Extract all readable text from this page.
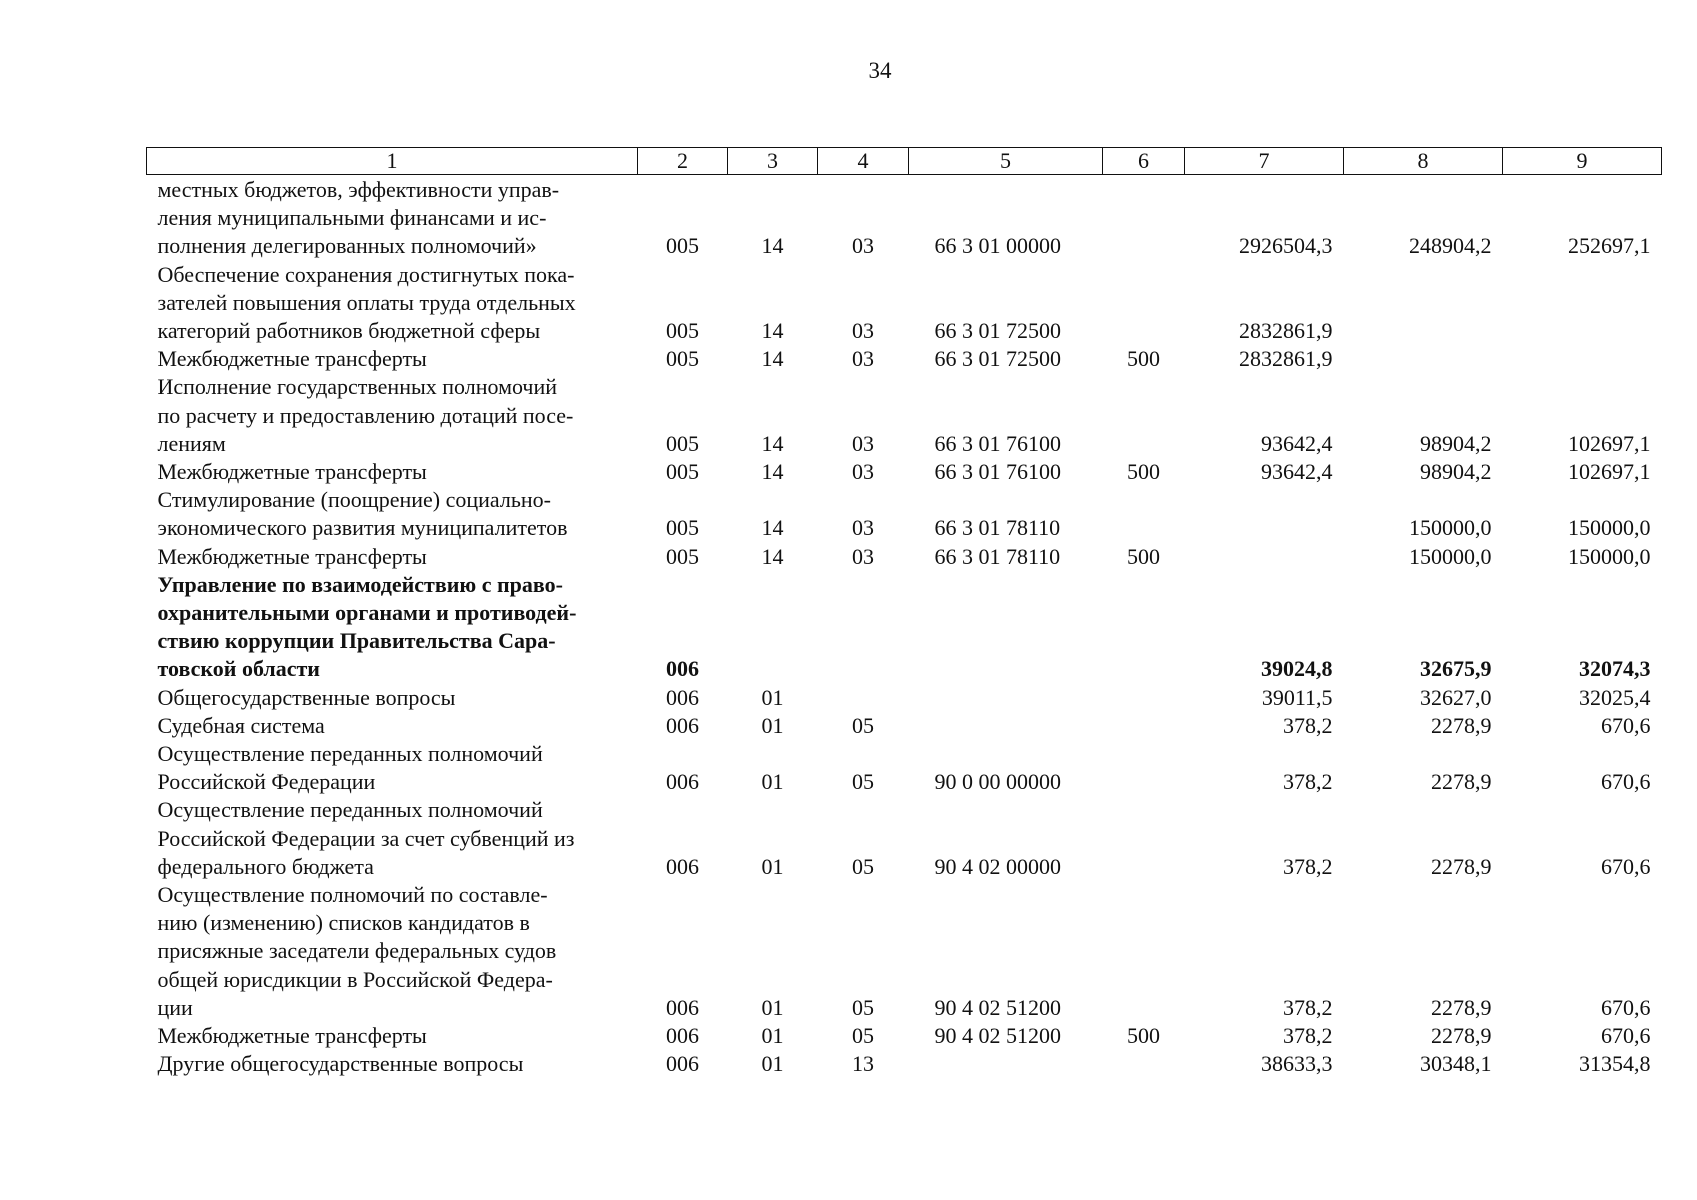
34
1	2	3	4	5	6	7	8	9

местных бюджетов, эффективности управ-
ления муниципальными финансами и ис-
полнения делегированных полномочий»	005	14	03	66 3 01 00000		2926504,3	248904,2	252697,1

Обеспечение сохранения достигнутых пока-
зателей повышения оплаты труда отдельных
категорий работников бюджетной сферы	005	14	03	66 3 01 72500		2832861,9		

Межбюджетные трансферты	005	14	03	66 3 01 72500	500	2832861,9		

Исполнение государственных полномочий
по расчету и предоставлению дотаций посе-
лениям	005	14	03	66 3 01 76100		93642,4	98904,2	102697,1

Межбюджетные трансферты	005	14	03	66 3 01 76100	500	93642,4	98904,2	102697,1

Стимулирование (поощрение) социально-
экономического развития муниципалитетов	005	14	03	66 3 01 78110			150000,0	150000,0

Межбюджетные трансферты	005	14	03	66 3 01 78110	500		150000,0	150000,0

Управление по взаимодействию с право-
охранительными органами и противодей-
ствию коррупции Правительства Сара-
товской области	006					39024,8	32675,9	32074,3

Общегосударственные вопросы	006	01				39011,5	32627,0	32025,4

Судебная система	006	01	05			378,2	2278,9	670,6

Осуществление переданных полномочий
Российской Федерации	006	01	05	90 0 00 00000		378,2	2278,9	670,6

Осуществление переданных полномочий
Российской Федерации за счет субвенций из
федерального бюджета	006	01	05	90 4 02 00000		378,2	2278,9	670,6

Осуществление полномочий по составле-
нию (изменению) списков кандидатов в
присяжные заседатели федеральных судов
общей юрисдикции в Российской Федера-
ции	006	01	05	90 4 02 51200		378,2	2278,9	670,6

Межбюджетные трансферты	006	01	05	90 4 02 51200	500	378,2	2278,9	670,6

Другие общегосударственные вопросы	006	01	13			38633,3	30348,1	31354,8
